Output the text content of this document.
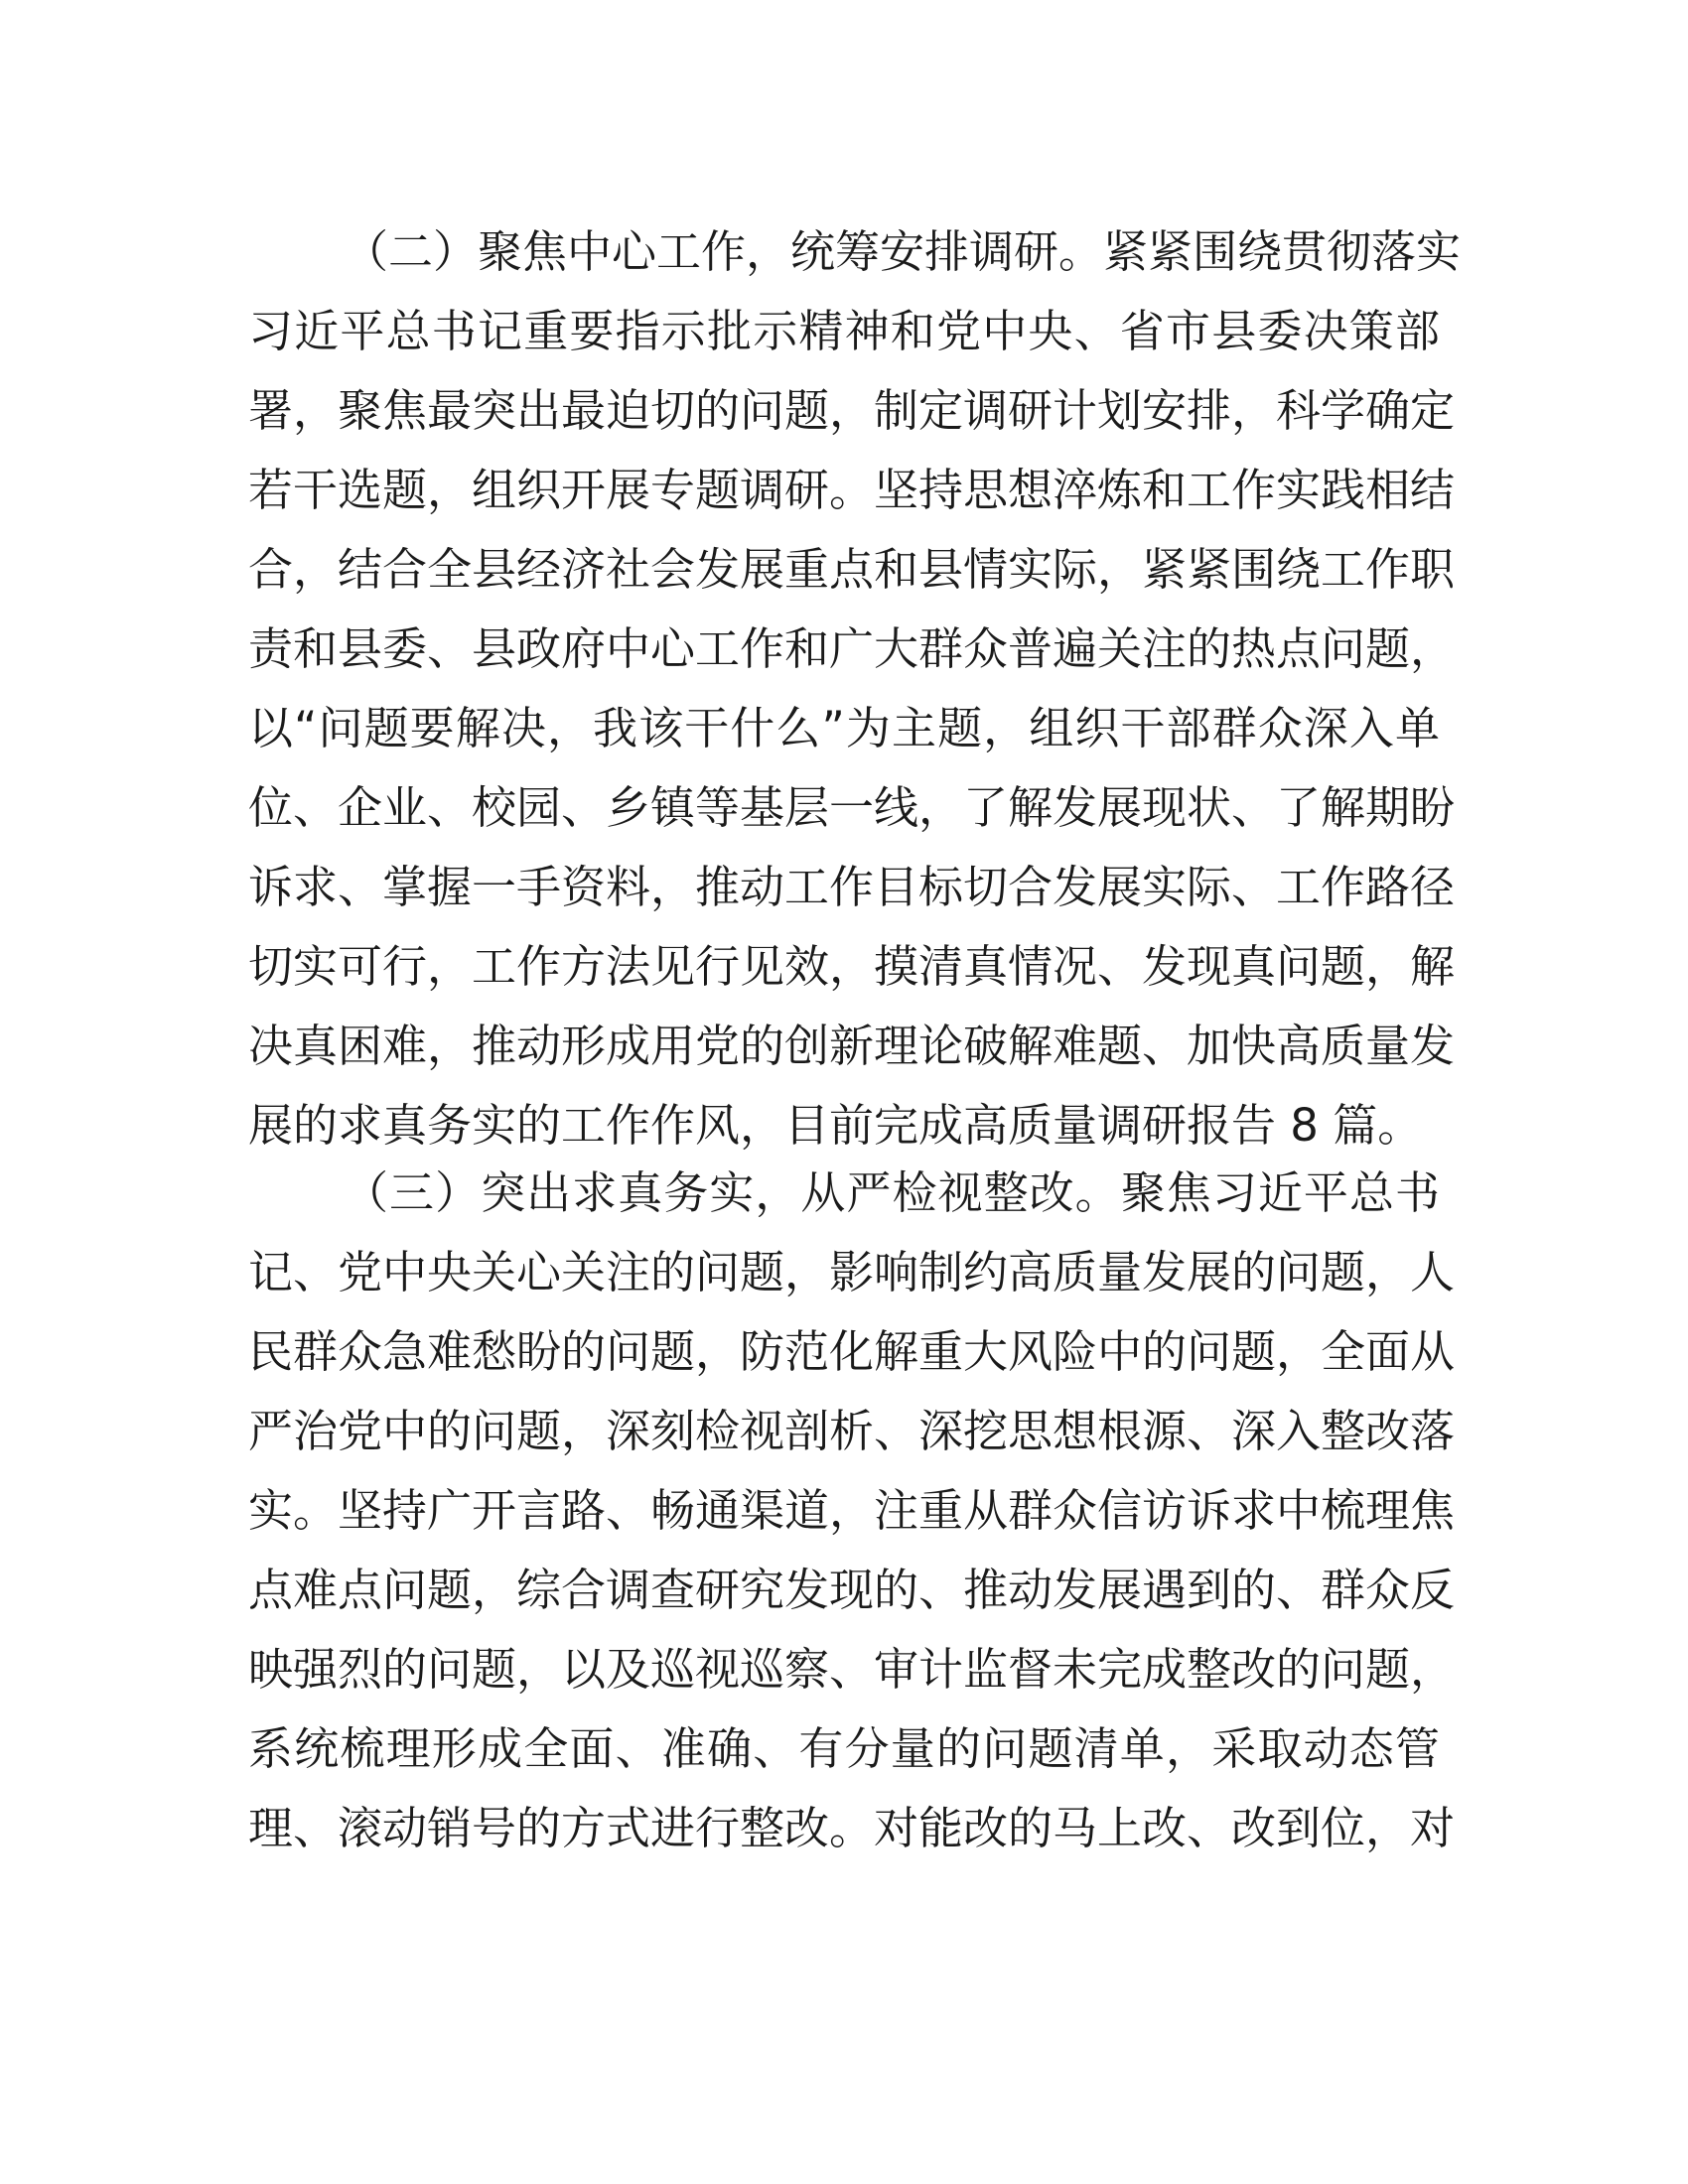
（二）聚焦中心工作，统筹安排调研。紧紧围绕贯彻落实
习近平总书记重要指示批示精神和党中央、省市县委决策部
署，聚焦最突出最迫切的问题，制定调研计划安排，科学确定
若干选题，组织开展专题调研。坚持思想淬炼和工作实践相结
合，结合全县经济社会发展重点和县情实际，紧紧围绕工作职
责和县委、县政府中心工作和广大群众普遍关注的热点问题，
以“问题要解决，我该干什么”为主题，组织干部群众深入单
位、企业、校园、乡镇等基层一线，了解发展现状、了解期盼
诉求、掌握一手资料，推动工作目标切合发展实际、工作路径
切实可行，工作方法见行见效，摸清真情况、发现真问题，解
决真困难，推动形成用党的创新理论破解难题、加快高质量发
展的求真务实的工作作风，目前完成高质量调研报告 8 篇。
（三）突出求真务实，从严检视整改。聚焦习近平总书
记、党中央关心关注的问题，影响制约高质量发展的问题，人
民群众急难愁盼的问题，防范化解重大风险中的问题，全面从
严治党中的问题，深刻检视剖析、深挖思想根源、深入整改落
实。坚持广开言路、畅通渠道，注重从群众信访诉求中梳理焦
点难点问题，综合调查研究发现的、推动发展遇到的、群众反
映强烈的问题，以及巡视巡察、审计监督未完成整改的问题，
系统梳理形成全面、准确、有分量的问题清单，采取动态管
理、滚动销号的方式进行整改。对能改的马上改、改到位，对
